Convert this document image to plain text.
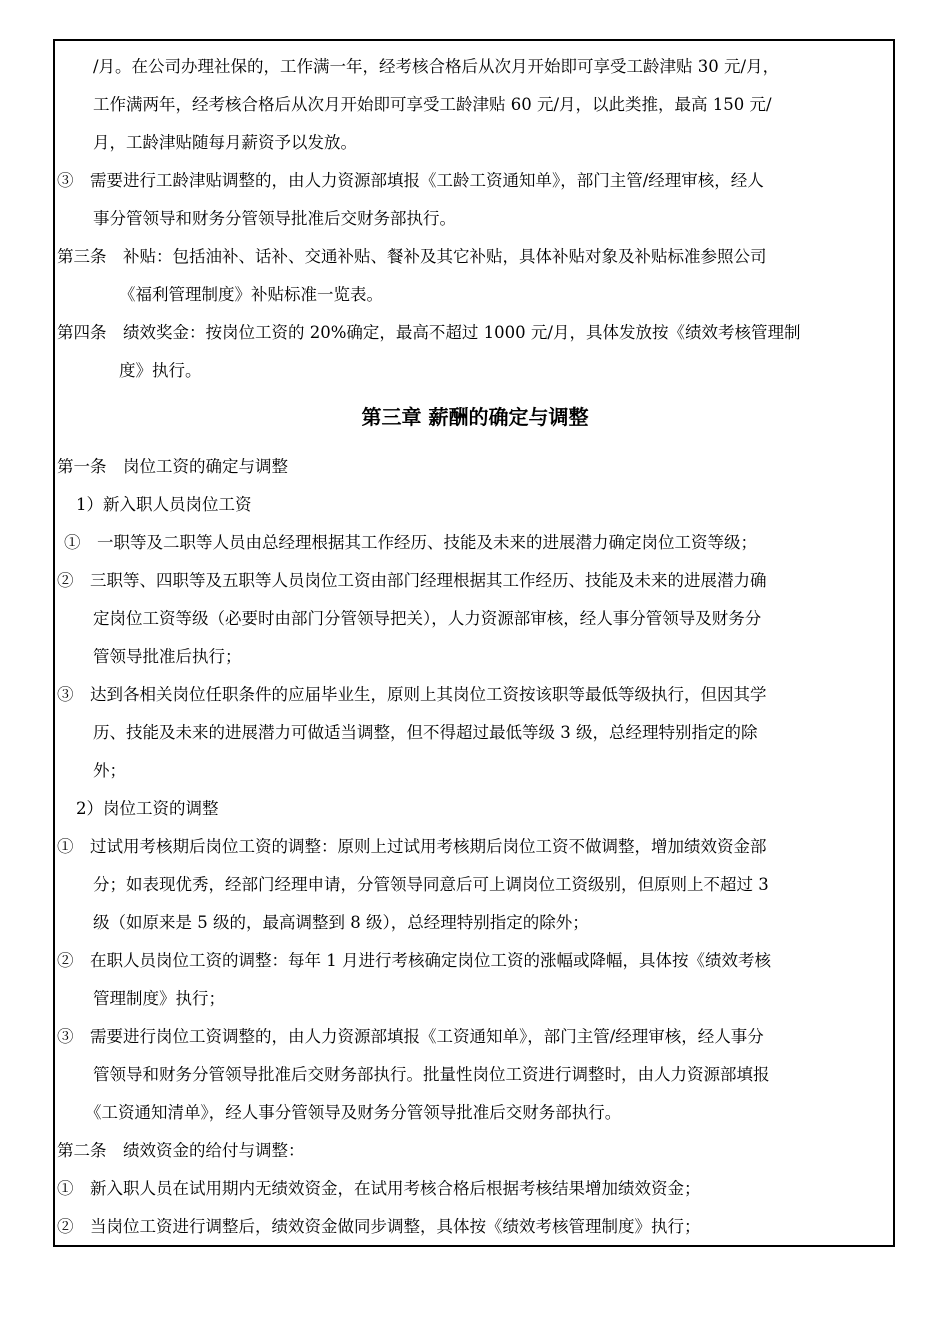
/月。在公司办理社保的，工作满一年，经考核合格后从次月开始即可享受工龄津贴 30 元/月，
工作满两年，经考核合格后从次月开始即可享受工龄津贴 60 元/月，以此类推，最高 150 元/
月，工龄津贴随每月薪资予以发放。
③　需要进行工龄津贴调整的，由人力资源部填报《工龄工资通知单》，部门主管/经理审核，经人
事分管领导和财务分管领导批准后交财务部执行。
第三条　补贴：包括油补、话补、交通补贴、餐补及其它补贴，具体补贴对象及补贴标准参照公司
《福利管理制度》补贴标准一览表。
第四条　绩效奖金：按岗位工资的 20%确定，最高不超过 1000 元/月，具体发放按《绩效考核管理制
度》执行。
第三章 薪酬的确定与调整
第一条　岗位工资的确定与调整
1）新入职人员岗位工资
①　一职等及二职等人员由总经理根据其工作经历、技能及未来的进展潜力确定岗位工资等级；
②　三职等、四职等及五职等人员岗位工资由部门经理根据其工作经历、技能及未来的进展潜力确
定岗位工资等级（必要时由部门分管领导把关），人力资源部审核，经人事分管领导及财务分
管领导批准后执行；
③　达到各相关岗位任职条件的应届毕业生，原则上其岗位工资按该职等最低等级执行，但因其学
历、技能及未来的进展潜力可做适当调整，但不得超过最低等级 3 级，总经理特别指定的除
外；
2）岗位工资的调整
①　过试用考核期后岗位工资的调整：原则上过试用考核期后岗位工资不做调整，增加绩效资金部
分；如表现优秀，经部门经理申请，分管领导同意后可上调岗位工资级别，但原则上不超过 3
级（如原来是 5 级的，最高调整到 8 级），总经理特别指定的除外；
②　在职人员岗位工资的调整：每年 1 月进行考核确定岗位工资的涨幅或降幅，具体按《绩效考核
管理制度》执行；
③　需要进行岗位工资调整的，由人力资源部填报《工资通知单》，部门主管/经理审核，经人事分
管领导和财务分管领导批准后交财务部执行。批量性岗位工资进行调整时，由人力资源部填报
《工资通知清单》，经人事分管领导及财务分管领导批准后交财务部执行。
第二条　绩效资金的给付与调整：
①　新入职人员在试用期内无绩效资金，在试用考核合格后根据考核结果增加绩效资金；
②　当岗位工资进行调整后，绩效资金做同步调整，具体按《绩效考核管理制度》执行；
